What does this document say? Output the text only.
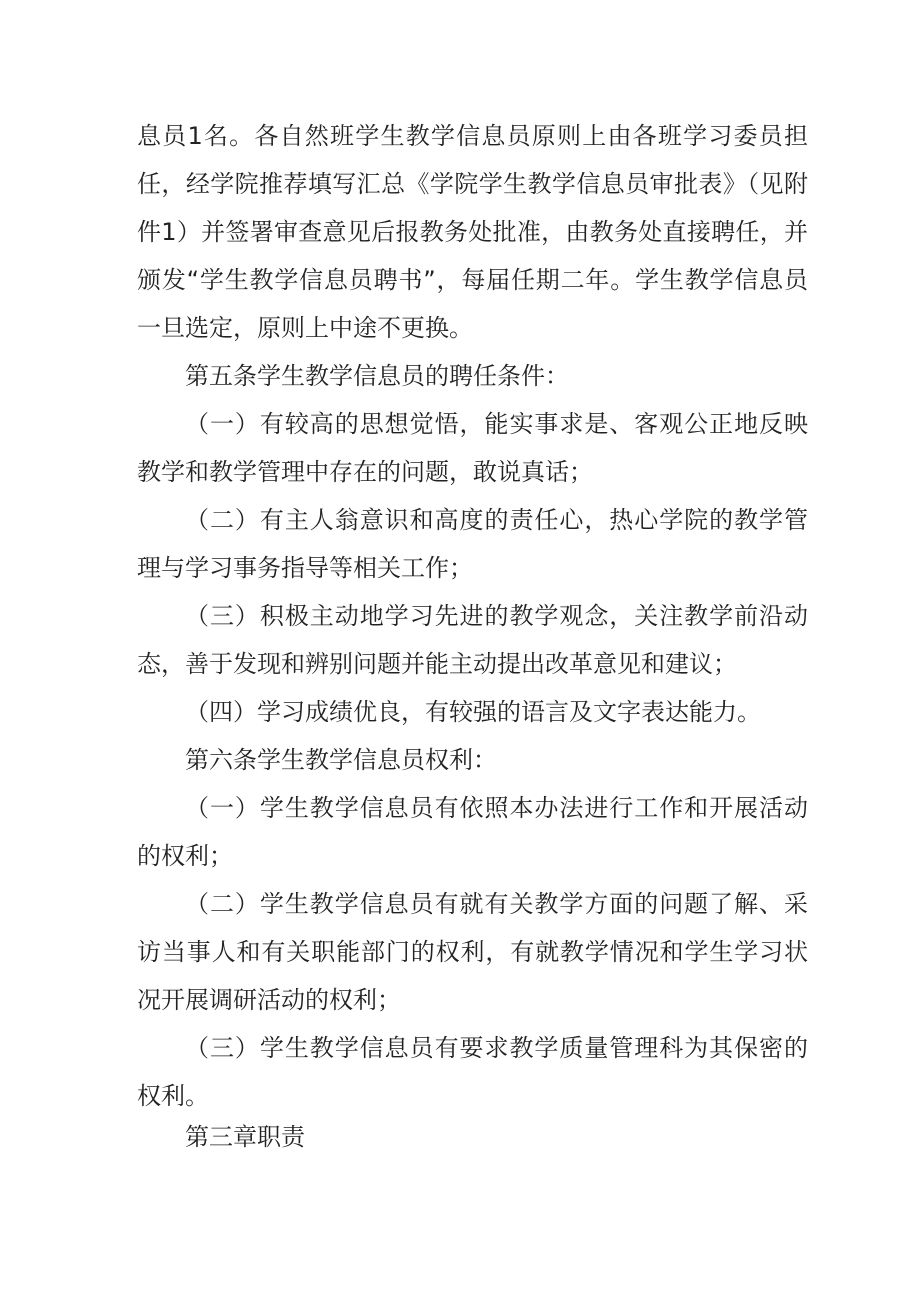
息员1名。各自然班学生教学信息员原则上由各班学习委员担任，经学院推荐填写汇总《学院学生教学信息员审批表》（见附件1）并签署审查意见后报教务处批准，由教务处直接聘任，并颁发“学生教学信息员聘书”，每届任期二年。学生教学信息员一旦选定，原则上中途不更换。

第五条学生教学信息员的聘任条件：

（一）有较高的思想觉悟，能实事求是、客观公正地反映教学和教学管理中存在的问题，敢说真话；

（二）有主人翁意识和高度的责任心，热心学院的教学管理与学习事务指导等相关工作；

（三）积极主动地学习先进的教学观念，关注教学前沿动态，善于发现和辨别问题并能主动提出改革意见和建议；

（四）学习成绩优良，有较强的语言及文字表达能力。

第六条学生教学信息员权利：

（一）学生教学信息员有依照本办法进行工作和开展活动的权利；

（二）学生教学信息员有就有关教学方面的问题了解、采访当事人和有关职能部门的权利，有就教学情况和学生学习状况开展调研活动的权利；

（三）学生教学信息员有要求教学质量管理科为其保密的权利。

第三章职责
